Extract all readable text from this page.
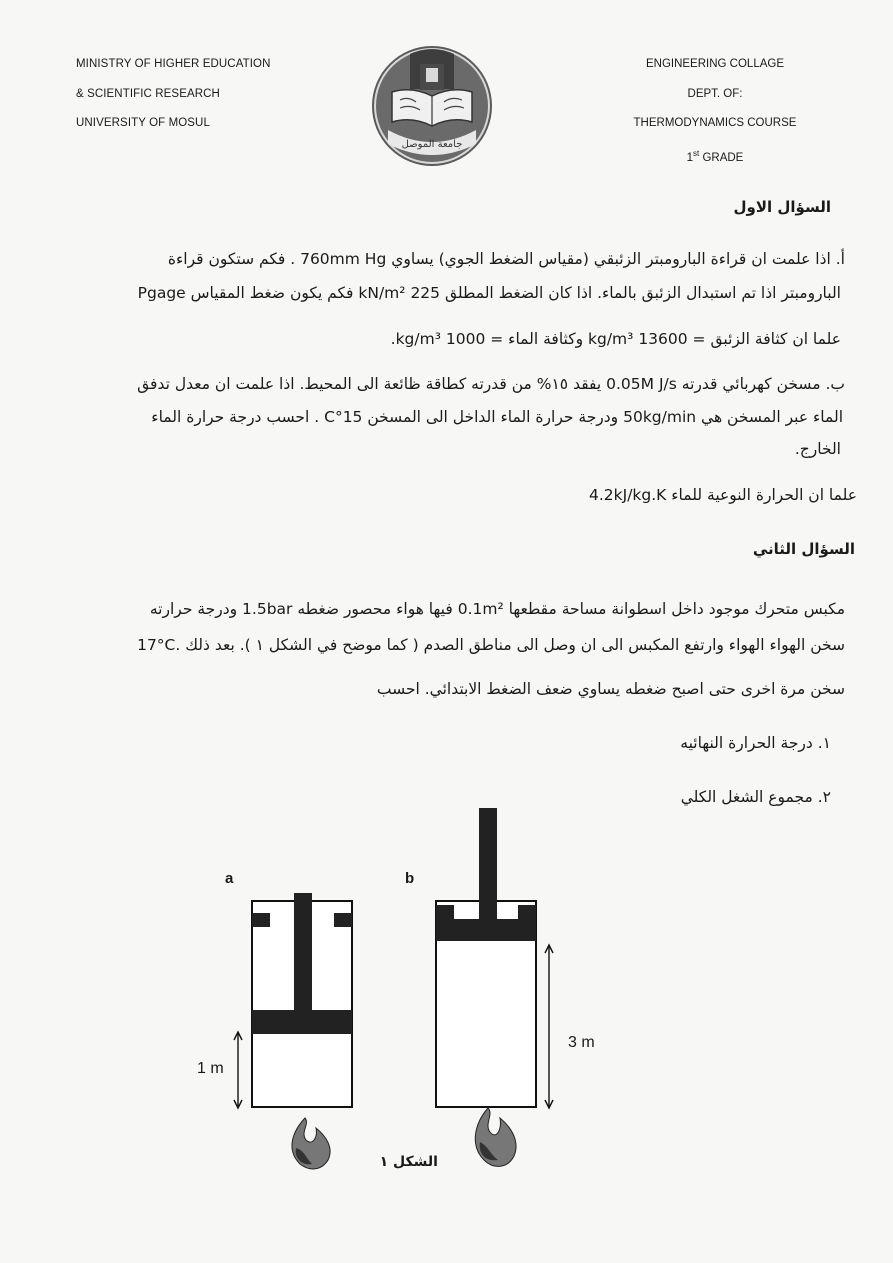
MINISTRY OF HIGHER EDUCATION
& SCIENTIFIC RESEARCH
UNIVERSITY OF MOSUL
جامعة الموصل
ENGINEERING COLLAGE
DEPT. OF:
THERMODYNAMICS COURSE
1st GRADE
السؤال الاول
أ. اذا علمت ان قراءة البارومبتر الزئبقي (مقياس الضغط الجوي) يساوي 760mm Hg . فكم ستكون قراءة
البارومبتر اذا تم استبدال الزئبق بالماء. اذا كان الضغط المطلق 225 kN/m² فكم يكون ضغط المقياس Pgage
علما ان كثافة الزئبق = 13600 kg/m³ وكثافة الماء = 1000 kg/m³.
ب. مسخن كهربائي قدرته 0.05M J/s يفقد ١٥% من قدرته كطاقة ظائعة الى المحيط. اذا علمت ان معدل تدفق
الماء عبر المسخن هي 50kg/min ودرجة حرارة الماء الداخل الى المسخن 15°C . احسب درجة حرارة الماء
الخارج.
علما ان الحرارة النوعية للماء 4.2kJ/kg.K
السؤال الثاني
مكبس متحرك موجود داخل اسطوانة مساحة مقطعها 0.1m² فيها هواء محصور ضغطه 1.5bar ودرجة حرارته
17°C. سخن الهواء الهواء وارتفع المكبس الى ان وصل الى مناطق الصدم ( كما موضح في الشكل ١ ). بعد ذلك
سخن مرة اخرى حتى اصبح ضغطه يساوي ضعف الضغط الابتدائي. احسب
١. درجة الحرارة النهائيه
٢. مجموع الشغل الكلي
a	b
1 m
3 m
الشكل ١
